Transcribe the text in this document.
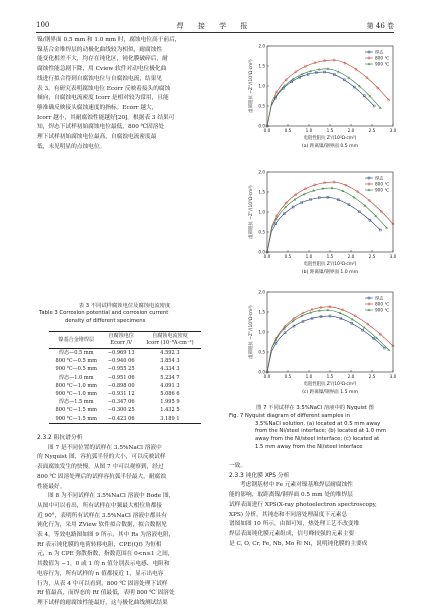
100	焊 接 学 报	第 46 卷
镍/钢界面 0.5 mm 和 1.0 mm 时，腐蚀电位高于前后，
镍基合金堆焊层的动极化曲线较为相似，耐腐蚀性
能变化相差不大，均存在钝化区，钝化膜破碎后，耐
腐蚀性能急剧下降，用 Cview 软件对动电位极化曲
线进行拟合得到自腐蚀电位与自腐蚀电流，结果见
表 3。有研究表明腐蚀电位 Ecorr 反映着接头的腐蚀
倾向，自腐蚀电流密度 Icorr 是相对较为常用，且能
够准确反映接头腐蚀速度的指标。Ecorr 越大，
Icorr 越小，其耐腐蚀性能越好[20]。根据表 3 结果可
知，焊态下试样初始腐蚀电位最低，800 ℃固溶处
理下试样初始腐蚀电位最高，自腐蚀电流密度最
低，未见明显的点蚀电位。
表 3 不同试样腐蚀电位及腐蚀电流密度
Table 3 Corrosion potential and corrosion current
density of different specimens
镍基合金堆焊层	自腐蚀电位
Ecorr /V	自腐蚀电流密度
Icorr (10⁻⁸A·cm⁻²)
焊态—0.5 mm	−0.969 13	4.592 3
800 ℃—0.5 mm	−0.940 06	3.854 3
900 ℃—0.5 mm	−0.955 25	4.334 3
焊态—1.0 mm	−0.951 06	5.234 7
800 ℃—1.0 mm	−0.898 00	4.091 3
900 ℃—1.0 mm	−0.931 12	5.086 6
焊态—1.5 mm	−0.347 06	1.995 9
800 ℃—1.5 mm	−0.300 25	1.432 5
900 ℃—1.5 mm	−0.423 06	3.189 1
2.3.2 阻抗谱分析
图 7 是不同位置的试样在 3.5%NaCl 溶液中
的 Nyquist 图，容抗弧半径的大小，可以反映试样
表面腐蚀发生的快慢，从图 7 中可以观察到，经过
800 ℃ 固溶处理后的试样容抗弧半径最大，耐腐蚀
性能最好。
图 8 为不同试样在 3.5%NaCl 溶液中 Bode 图，
从图中可以看出，所有试样在中频最大相位角都接
近 90°，表明所有试样在 3.5%NaCl 溶液中都具有
钝化行为，采用 ZView 软件拟合数据，拟合数据见
表 4，等效电路图如图 9 所示，其中 Rs 为溶液电阻，
Rf 表示钝化膜的电荷转移电阻，CPE(Qf) 为恒相
元，n 为 CPE 弥散指数，指数范围在 0<n≤1 之间，
其数值为 −1，0 或 1 的 n 值分别表示电感、电阻和
电容行为，所有试样的 n 值都接近 1，显示出电容
行为，从表 4 中可以看到，800 ℃ 固溶处理下试样
Rf 值最高，而焊态的 Rf 值最低，表明 800 ℃ 固溶处
理下试样的耐腐蚀性能最好，这与极化曲线测试结果
0.0	0.5	1.0	1.5	2.0	2.5	3.0
0.0
0.5
1.0
1.5
2.0
电阻性阻抗 Z'/(10³Ω·cm²)
虚部阻抗 −Z''/(10³Ω·cm²)
(a) 距离镍/钢界面 0.5 mm
焊态
800 ℃
900 ℃
0.0	0.5	1.0	1.5	2.0	2.5	3.0
0.0
0.5
1.0
1.5
2.0
电阻性阻抗 Z'/(10³Ω·cm²)
虚部阻抗 −Z''/(10³Ω·cm²)
(b) 距离镍/钢界面 1.0 mm
焊态
800 ℃
900 ℃
0.0	0.5	1.0	1.5	2.0	2.5	3.0
0.0
0.5
1.0
1.5
2.0
电阻性阻抗 Z'/(10³Ω·cm²)
虚部阻抗 −Z''/(10³Ω·cm²)
(c) 距离镍/钢界面 1.5 mm
焊态
800 ℃
900 ℃
图 7 不同试样在 3.5%NaCl 溶液中的 Nyquist 图
Fig. 7 Nyquist diagram of different samples in
3.5%NaCl solution. (a) located at 0.5 mm away
from the Ni/steel interface; (b) located at 1.0 mm
away from the Ni/steel interface; (c) located at
1.5 mm away from the Ni/steel interface
一致。
2.3.3 钝化膜 XPS 分析
考虑钢基材中 Fe 元素对镍基堆焊层耐腐蚀性
能的影响，取距离镍/钢界面 0.5 mm 处的堆焊层
试样表面进行 XPS(X-ray photoelectron spectroscopy,
XPS) 分析，其钝态和不同溶处理温度下元素总
谱图如图 10 所示，由图可知，热处理工艺不改变堆
焊层表面钝化膜元素组成，信号峰较强的元素主要
是 C, O, Cr, Fe, Nb, Mo 和 Ni，说明钝化膜的主要成
